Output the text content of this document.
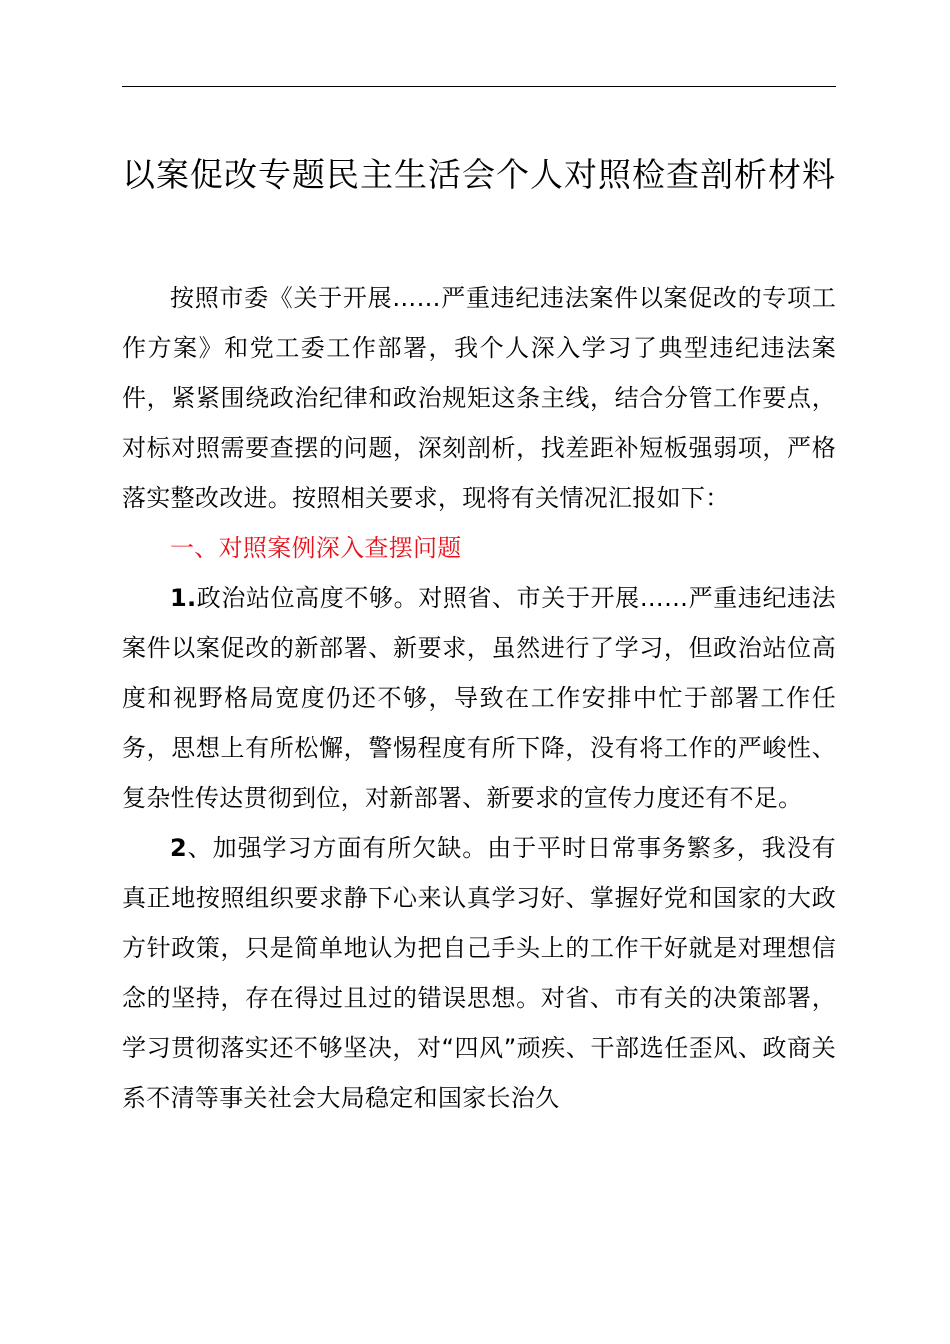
以案促改专题民主生活会个人对照检查剖析材料

按照市委《关于开展……严重违纪违法案件以案促改的专项工作方案》和党工委工作部署，我个人深入学习了典型违纪违法案件，紧紧围绕政治纪律和政治规矩这条主线，结合分管工作要点，对标对照需要查摆的问题，深刻剖析，找差距补短板强弱项，严格落实整改改进。按照相关要求，现将有关情况汇报如下：

一、对照案例深入查摆问题

1.政治站位高度不够。对照省、市关于开展……严重违纪违法案件以案促改的新部署、新要求，虽然进行了学习，但政治站位高度和视野格局宽度仍还不够，导致在工作安排中忙于部署工作任务，思想上有所松懈，警惕程度有所下降，没有将工作的严峻性、复杂性传达贯彻到位，对新部署、新要求的宣传力度还有不足。

2、加强学习方面有所欠缺。由于平时日常事务繁多，我没有真正地按照组织要求静下心来认真学习好、掌握好党和国家的大政方针政策，只是简单地认为把自己手头上的工作干好就是对理想信念的坚持，存在得过且过的错误思想。对省、市有关的决策部署，学习贯彻落实还不够坚决，对“四风”顽疾、干部选任歪风、政商关系不清等事关社会大局稳定和国家长治久
